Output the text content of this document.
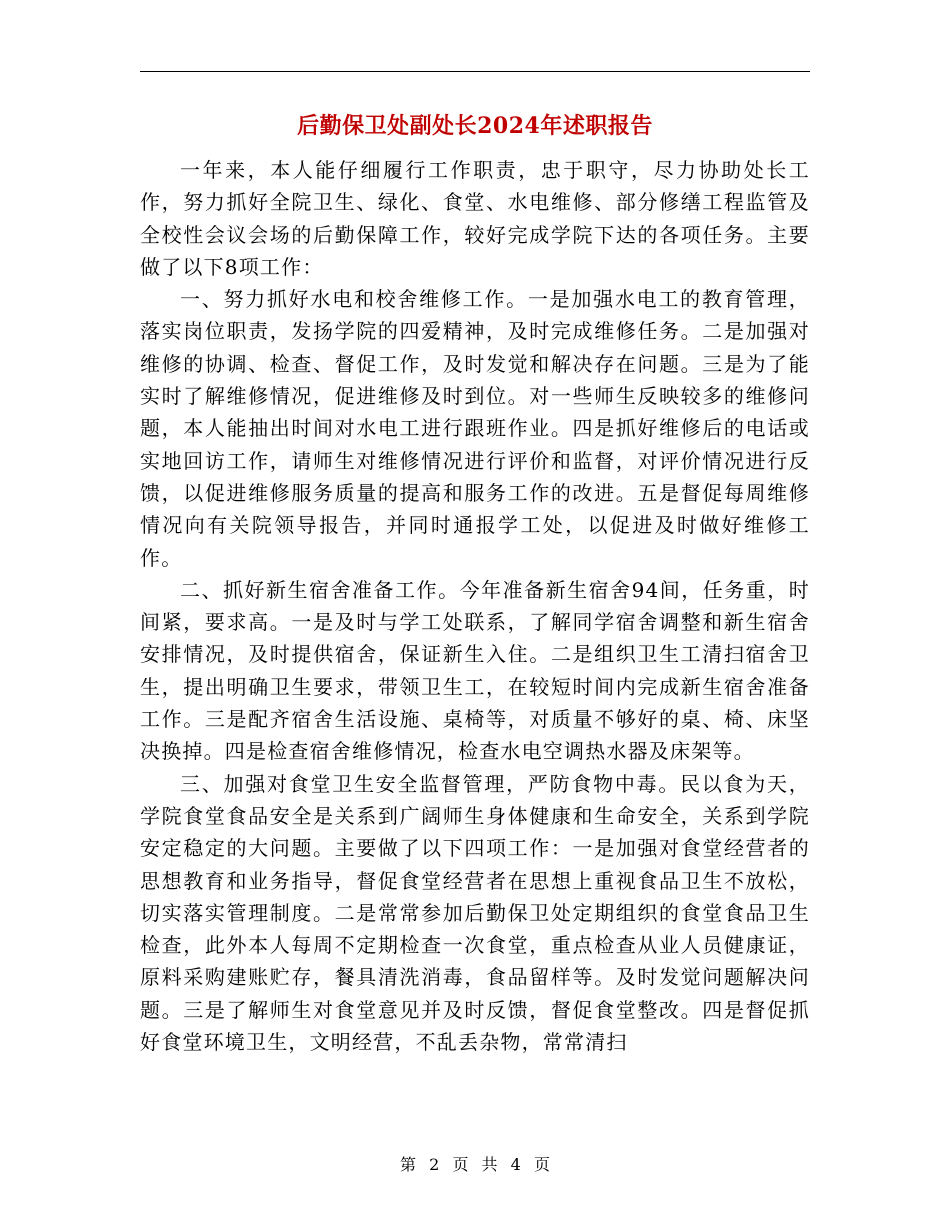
后勤保卫处副处长2024年述职报告

一年来，本人能仔细履行工作职责，忠于职守，尽力协助处长工作，努力抓好全院卫生、绿化、食堂、水电维修、部分修缮工程监管及全校性会议会场的后勤保障工作，较好完成学院下达的各项任务。主要做了以下8项工作：

一、努力抓好水电和校舍维修工作。一是加强水电工的教育管理，落实岗位职责，发扬学院的四爱精神，及时完成维修任务。二是加强对维修的协调、检查、督促工作，及时发觉和解决存在问题。三是为了能实时了解维修情况，促进维修及时到位。对一些师生反映较多的维修问题，本人能抽出时间对水电工进行跟班作业。四是抓好维修后的电话或实地回访工作，请师生对维修情况进行评价和监督，对评价情况进行反馈，以促进维修服务质量的提高和服务工作的改进。五是督促每周维修情况向有关院领导报告，并同时通报学工处，以促进及时做好维修工作。

二、抓好新生宿舍准备工作。今年准备新生宿舍94间，任务重，时间紧，要求高。一是及时与学工处联系，了解同学宿舍调整和新生宿舍安排情况，及时提供宿舍，保证新生入住。二是组织卫生工清扫宿舍卫生，提出明确卫生要求，带领卫生工，在较短时间内完成新生宿舍准备工作。三是配齐宿舍生活设施、桌椅等，对质量不够好的桌、椅、床坚决换掉。四是检查宿舍维修情况，检查水电空调热水器及床架等。

三、加强对食堂卫生安全监督管理，严防食物中毒。民以食为天，学院食堂食品安全是关系到广阔师生身体健康和生命安全，关系到学院安定稳定的大问题。主要做了以下四项工作：一是加强对食堂经营者的思想教育和业务指导，督促食堂经营者在思想上重视食品卫生不放松，切实落实管理制度。二是常常参加后勤保卫处定期组织的食堂食品卫生检查，此外本人每周不定期检查一次食堂，重点检查从业人员健康证，原料采购建账贮存，餐具清洗消毒，食品留样等。及时发觉问题解决问题。三是了解师生对食堂意见并及时反馈，督促食堂整改。四是督促抓好食堂环境卫生，文明经营，不乱丢杂物，常常清扫

第 2 页 共 4 页
